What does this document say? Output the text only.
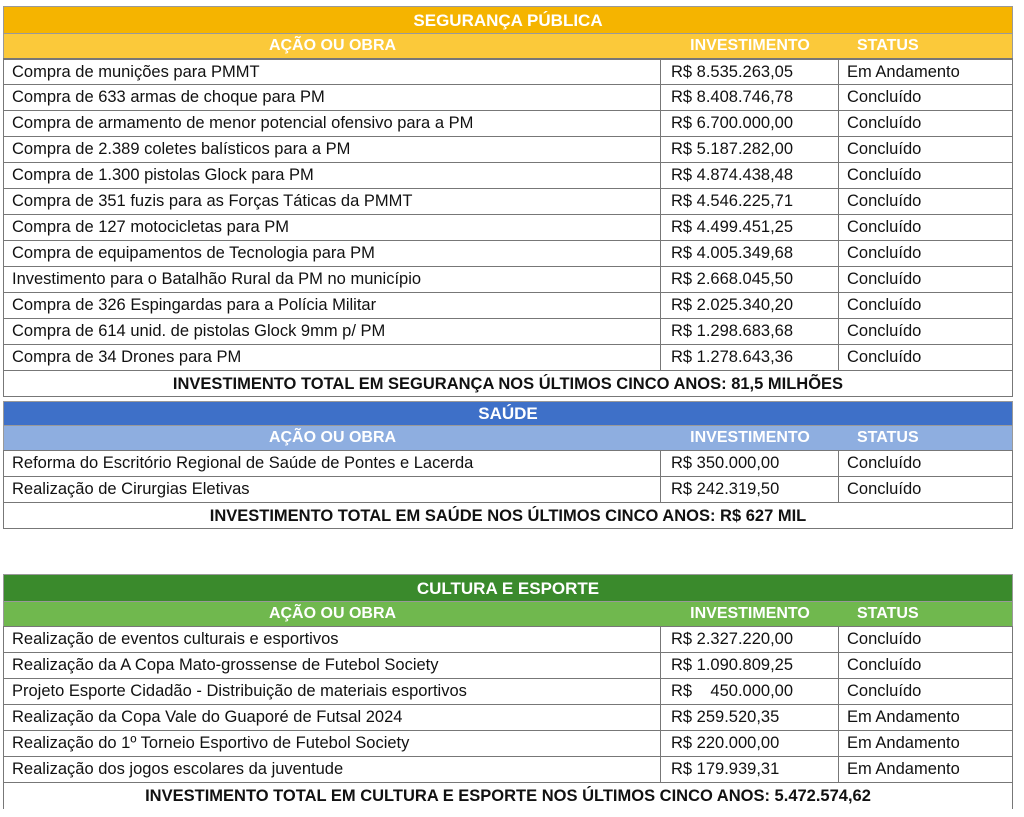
SEGURANÇA PÚBLICA
AÇÃO OU OBRA	INVESTIMENTO	STATUS
Compra de munições para PMMT	R$ 8.535.263,05	Em Andamento
Compra de 633 armas de choque para PM	R$ 8.408.746,78	Concluído
Compra de armamento de menor potencial ofensivo para a PM	R$ 6.700.000,00	Concluído
Compra de 2.389 coletes balísticos para a PM	R$ 5.187.282,00	Concluído
Compra de 1.300 pistolas Glock para PM	R$ 4.874.438,48	Concluído
Compra de 351 fuzis para as Forças Táticas da PMMT	R$ 4.546.225,71	Concluído
Compra de 127 motocicletas para PM	R$ 4.499.451,25	Concluído
Compra de equipamentos de Tecnologia para PM	R$ 4.005.349,68	Concluído
Investimento para o Batalhão Rural da PM no município	R$ 2.668.045,50	Concluído
Compra de 326 Espingardas para a Polícia Militar	R$ 2.025.340,20	Concluído
Compra de 614 unid. de pistolas Glock 9mm p/ PM	R$ 1.298.683,68	Concluído
Compra de 34 Drones para PM	R$ 1.278.643,36	Concluído
INVESTIMENTO TOTAL EM SEGURANÇA NOS ÚLTIMOS CINCO ANOS: 81,5 MILHÕES
SAÚDE
AÇÃO OU OBRA	INVESTIMENTO	STATUS
Reforma do Escritório Regional de Saúde de Pontes e Lacerda	R$ 350.000,00	Concluído
Realização de Cirurgias Eletivas	R$ 242.319,50	Concluído
INVESTIMENTO TOTAL EM SAÚDE NOS ÚLTIMOS CINCO ANOS: R$ 627 MIL
CULTURA E ESPORTE
AÇÃO OU OBRA	INVESTIMENTO	STATUS
Realização de eventos culturais e esportivos	R$ 2.327.220,00	Concluído
Realização da A Copa Mato-grossense de Futebol Society	R$ 1.090.809,25	Concluído
Projeto Esporte Cidadão - Distribuição de materiais esportivos	R$    450.000,00	Concluído
Realização da Copa Vale do Guaporé de Futsal 2024	R$ 259.520,35	Em Andamento
Realização do 1º Torneio Esportivo de Futebol Society	R$ 220.000,00	Em Andamento
Realização dos jogos escolares da juventude	R$ 179.939,31	Em Andamento
INVESTIMENTO TOTAL EM CULTURA E ESPORTE NOS ÚLTIMOS CINCO ANOS: 5.472.574,62
